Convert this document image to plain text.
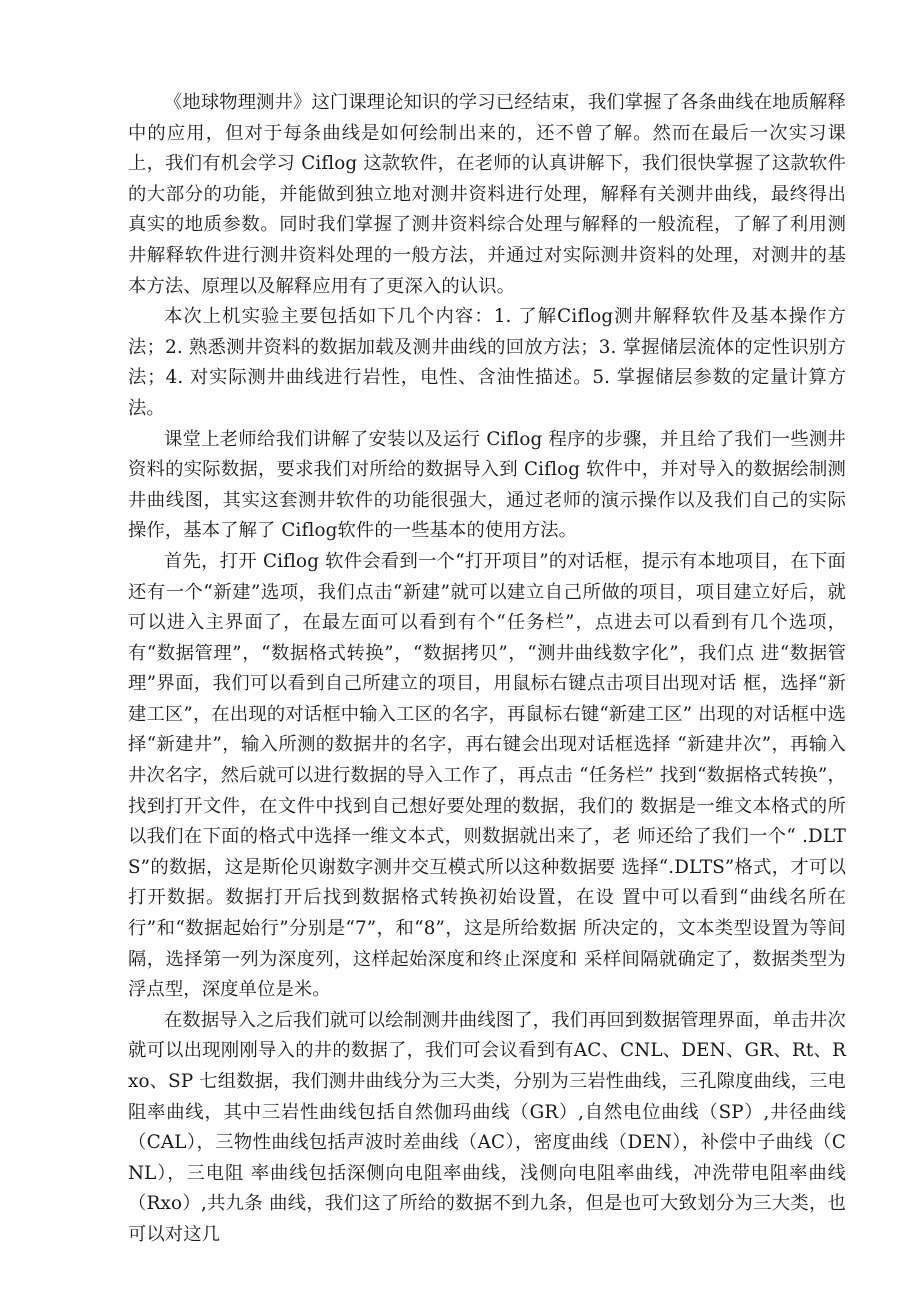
《地球物理测井》这门课理论知识的学习已经结束，我们掌握了各条曲线在地质解释中的应用，但对于每条曲线是如何绘制出来的，还不曾了解。然而在最后一次实习课上，我们有机会学习 Ciflog 这款软件，在老师的认真讲解下，我们很快掌握了这款软件的大部分的功能，并能做到独立地对测井资料进行处理，解释有关测井曲线，最终得出真实的地质参数。同时我们掌握了测井资料综合处理与解释的一般流程，了解了利用测井解释软件进行测井资料处理的一般方法，并通过对实际测井资料的处理，对测井的基本方法、原理以及解释应用有了更深入的认识。

本次上机实验主要包括如下几个内容：1. 了解Ciflog测井解释软件及基本操作方法；2. 熟悉测井资料的数据加载及测井曲线的回放方法；3. 掌握储层流体的定性识别方法；4. 对实际测井曲线进行岩性，电性、含油性描述。5. 掌握储层参数的定量计算方法。

课堂上老师给我们讲解了安装以及运行 Ciflog 程序的步骤，并且给了我们一些测井资料的实际数据，要求我们对所给的数据导入到 Ciflog 软件中，并对导入的数据绘制测井曲线图，其实这套测井软件的功能很强大，通过老师的演示操作以及我们自己的实际操作，基本了解了 Ciflog软件的一些基本的使用方法。

首先，打开 Ciflog 软件会看到一个“打开项目”的对话框，提示有本地项目，在下面还有一个“新建”选项，我们点击“新建”就可以建立自己所做的项目，项目建立好后，就可以进入主界面了，在最左面可以看到有个“任务栏”，点进去可以看到有几个选项，有“数据管理”，“数据格式转换”，“数据拷贝”，“测井曲线数字化”，我们点 进“数据管理”界面，我们可以看到自己所建立的项目，用鼠标右键点击项目出现对话 框，选择“新建工区”，在出现的对话框中输入工区的名字，再鼠标右键“新建工区” 出现的对话框中选择“新建井”，输入所测的数据井的名字，再右键会出现对话框选择 “新建井次”，再输入井次名字，然后就可以进行数据的导入工作了，再点击 “任务栏” 找到“数据格式转换”，找到打开文件，在文件中找到自己想好要处理的数据，我们的 数据是一维文本格式的所以我们在下面的格式中选择一维文本式，则数据就出来了，老 师还给了我们一个“ .DLTS”的数据，这是斯伦贝谢数字测井交互模式所以这种数据要 选择“.DLTS”格式，才可以打开数据。数据打开后找到数据格式转换初始设置，在设 置中可以看到“曲线名所在行”和“数据起始行”分别是“7”，和“8”，这是所给数据 所决定的，文本类型设置为等间隔，选择第一列为深度列，这样起始深度和终止深度和 采样间隔就确定了，数据类型为浮点型，深度单位是米。

在数据导入之后我们就可以绘制测井曲线图了，我们再回到数据管理界面，单击井次就可以出现刚刚导入的井的数据了，我们可会议看到有AC、CNL、DEN、GR、Rt、Rxo、SP 七组数据，我们测井曲线分为三大类，分别为三岩性曲线，三孔隙度曲线，三电阻率曲线，其中三岩性曲线包括自然伽玛曲线（GR）,自然电位曲线（SP）,井径曲线（CAL），三物性曲线包括声波时差曲线（AC），密度曲线（DEN），补偿中子曲线（CNL），三电阻 率曲线包括深侧向电阻率曲线，浅侧向电阻率曲线，冲洗带电阻率曲线（Rxo）,共九条 曲线，我们这了所给的数据不到九条，但是也可大致划分为三大类，也可以对这几
